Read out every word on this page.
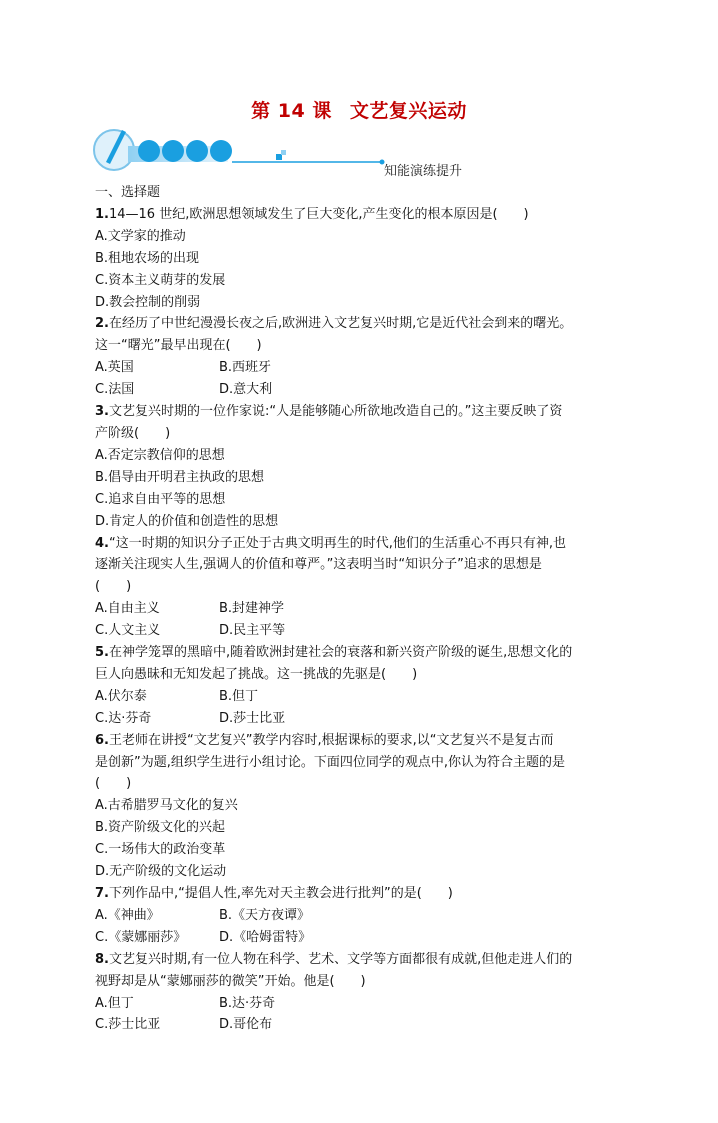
第 14 课 文艺复兴运动
知能演练提升
一、选择题
1.14—16 世纪,欧洲思想领域发生了巨大变化,产生变化的根本原因是(　　)
A.文学家的推动
B.租地农场的出现
C.资本主义萌芽的发展
D.教会控制的削弱
2.在经历了中世纪漫漫长夜之后,欧洲进入文艺复兴时期,它是近代社会到来的曙光。
这一“曙光”最早出现在(　　)
A.英国	B.西班牙
C.法国	D.意大利
3.文艺复兴时期的一位作家说:“人是能够随心所欲地改造自己的。”这主要反映了资
产阶级(　　)
A.否定宗教信仰的思想
B.倡导由开明君主执政的思想
C.追求自由平等的思想
D.肯定人的价值和创造性的思想
4.“这一时期的知识分子正处于古典文明再生的时代,他们的生活重心不再只有神,也
逐渐关注现实人生,强调人的价值和尊严。”这表明当时“知识分子”追求的思想是
(　　)
A.自由主义	B.封建神学
C.人文主义	D.民主平等
5.在神学笼罩的黑暗中,随着欧洲封建社会的衰落和新兴资产阶级的诞生,思想文化的
巨人向愚昧和无知发起了挑战。这一挑战的先驱是(　　)
A.伏尔泰	B.但丁
C.达·芬奇	D.莎士比亚
6.王老师在讲授“文艺复兴”教学内容时,根据课标的要求,以“文艺复兴不是复古而
是创新”为题,组织学生进行小组讨论。下面四位同学的观点中,你认为符合主题的是
(　　)
A.古希腊罗马文化的复兴
B.资产阶级文化的兴起
C.一场伟大的政治变革
D.无产阶级的文化运动
7.下列作品中,“提倡人性,率先对天主教会进行批判”的是(　　)
A.《神曲》	B.《天方夜谭》
C.《蒙娜丽莎》	D.《哈姆雷特》
8.文艺复兴时期,有一位人物在科学、艺术、文学等方面都很有成就,但他走进人们的
视野却是从“蒙娜丽莎的微笑”开始。他是(　　)
A.但丁	B.达·芬奇
C.莎士比亚	D.哥伦布
